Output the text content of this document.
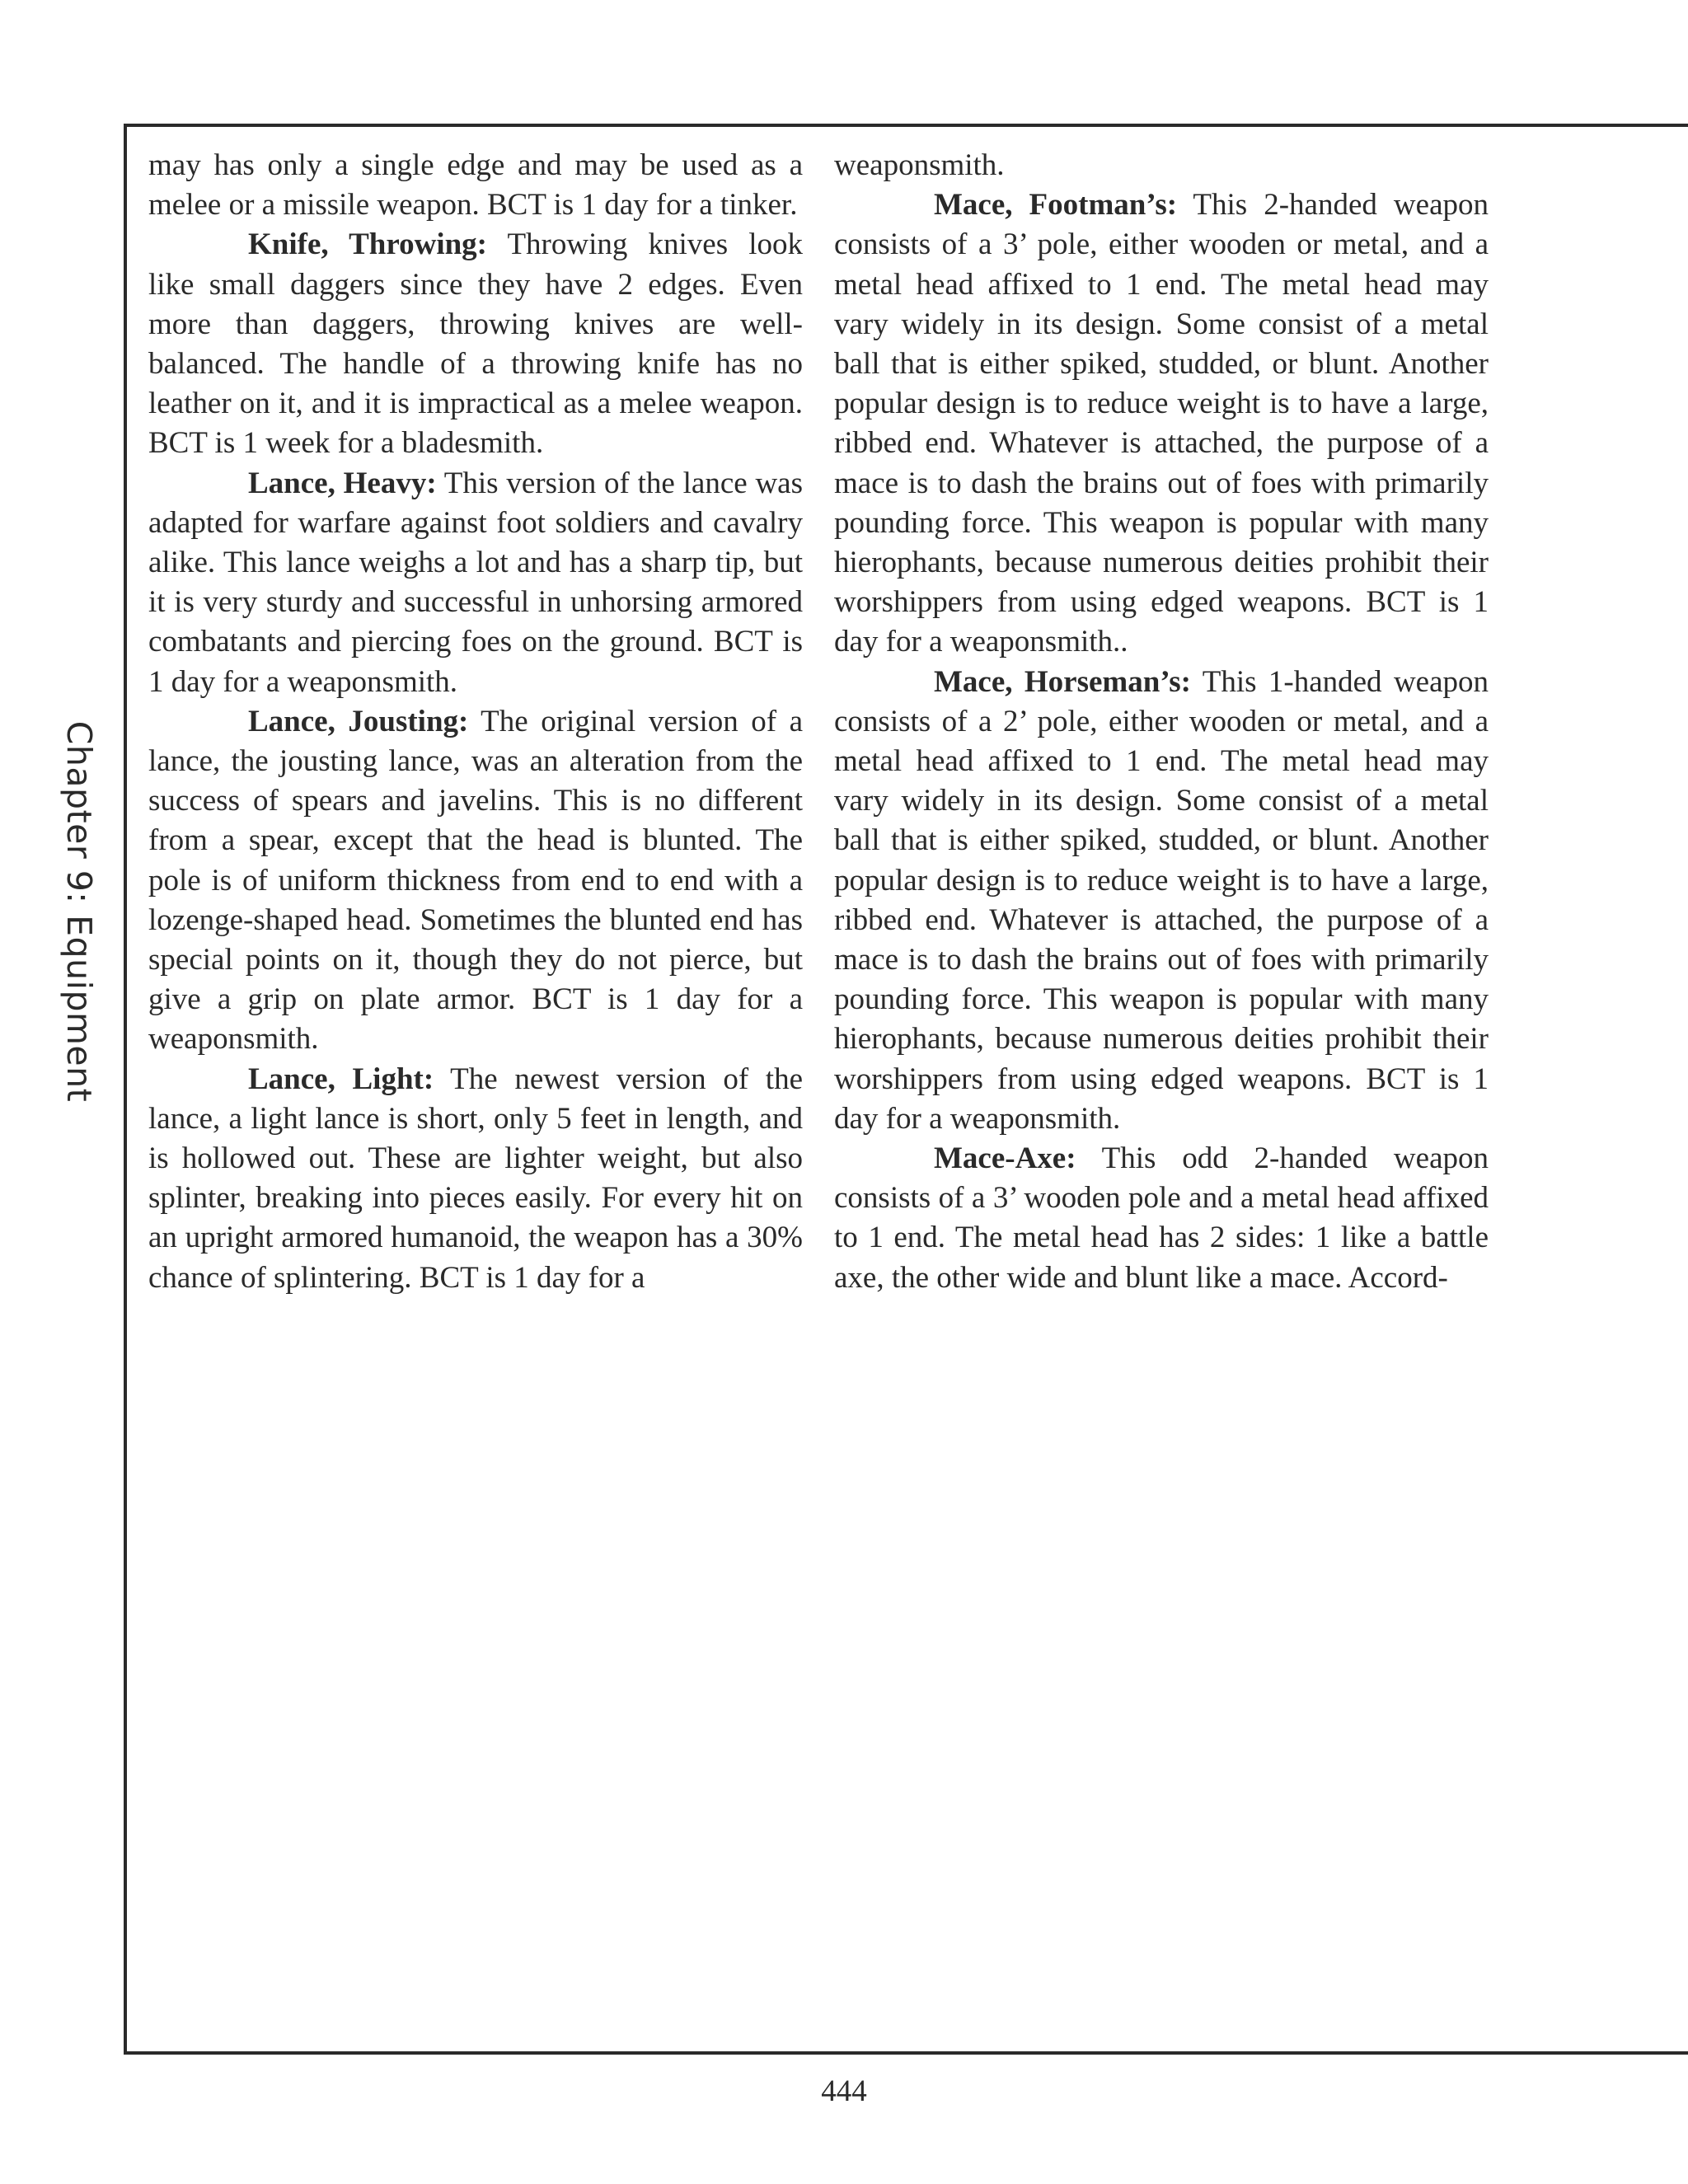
Chapter 9: Equipment

may has only a single edge and may be used as a melee or a missile weapon. BCT is 1 day for a tinker.

Knife, Throwing: Throwing knives look like small daggers since they have 2 edges. Even more than daggers, throwing knives are well-balanced. The handle of a throwing knife has no leather on it, and it is impractical as a melee weapon. BCT is 1 week for a bladesmith.

Lance, Heavy: This version of the lance was adapted for warfare against foot soldiers and cavalry alike. This lance weighs a lot and has a sharp tip, but it is very sturdy and successful in unhorsing armored combatants and piercing foes on the ground. BCT is 1 day for a weaponsmith.

Lance, Jousting: The original version of a lance, the jousting lance, was an alteration from the success of spears and javelins. This is no different from a spear, except that the head is blunted. The pole is of uniform thickness from end to end with a lozenge-shaped head. Sometimes the blunted end has special points on it, though they do not pierce, but give a grip on plate armor. BCT is 1 day for a weaponsmith.

Lance, Light: The newest version of the lance, a light lance is short, only 5 feet in length, and is hollowed out. These are lighter weight, but also splinter, breaking into pieces easily. For every hit on an upright armored humanoid, the weapon has a 30% chance of splintering. BCT is 1 day for a

weaponsmith.

Mace, Footman’s: This 2-handed weapon consists of a 3’ pole, either wooden or metal, and a metal head affixed to 1 end. The metal head may vary widely in its design. Some consist of a metal ball that is either spiked, studded, or blunt. Another popular design is to reduce weight is to have a large, ribbed end. Whatever is attached, the purpose of a mace is to dash the brains out of foes with primarily pounding force. This weapon is popular with many hierophants, because numerous deities prohibit their worshippers from using edged weapons. BCT is 1 day for a weaponsmith..

Mace, Horseman’s: This 1-handed weapon consists of a 2’ pole, either wooden or metal, and a metal head affixed to 1 end. The metal head may vary widely in its design. Some consist of a metal ball that is either spiked, studded, or blunt. Another popular design is to reduce weight is to have a large, ribbed end. Whatever is attached, the purpose of a mace is to dash the brains out of foes with primarily pounding force. This weapon is popular with many hierophants, because numerous deities prohibit their worshippers from using edged weapons. BCT is 1 day for a weaponsmith.

Mace-Axe: This odd 2-handed weapon consists of a 3’ wooden pole and a metal head affixed to 1 end. The metal head has 2 sides: 1 like a battle axe, the other wide and blunt like a mace. Accord-

444
